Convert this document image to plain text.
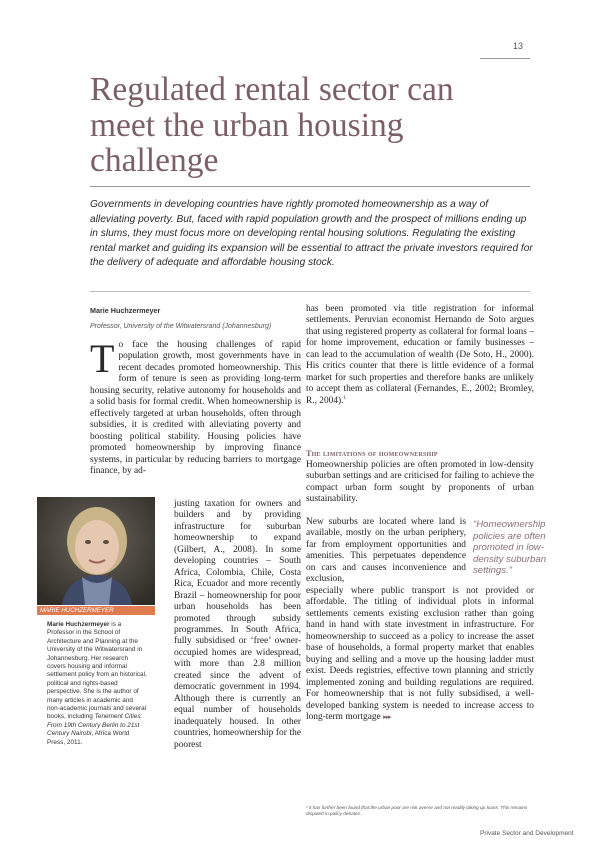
13
Regulated rental sector can meet the urban housing challenge

Governments in developing countries have rightly promoted homeownership as a way of alleviating poverty. But, faced with rapid population growth and the prospect of millions ending up in slums, they must focus more on developing rental housing solutions. Regulating the existing rental market and guiding its expansion will be essential to attract the private investors required for the delivery of adequate and affordable housing stock.

Marie Huchzermeyer
Professor, University of the Witwatersrand (Johannesburg)

To face the housing challenges of rapid population growth, most governments have in recent decades promoted homeownership. This form of tenure is seen as providing long-term housing security, relative autonomy for households and a solid basis for formal credit. When homeownership is effectively targeted at urban households, often through subsidies, it is credited with alleviating poverty and boosting political stability. Housing policies have promoted homeownership by improving finance systems, in particular by reducing barriers to mortgage finance, by ad-

MARIE HUCHZERMEYER

Marie Huchzermeyer is a Professor in the School of Architecture and Planning at the University of the Witwatersrand in Johannesburg. Her research covers housing and informal settlement policy from an historical, political and rights-based perspective. She is the author of many articles in academic and non-academic journals and several books, including Tenement Cities: From 19th Century Berlin to 21st Century Nairobi, Africa World Press, 2011.

justing taxation for owners and builders and by providing infrastructure for suburban homeownership to expand (Gilbert, A., 2008). In some developing countries – South Africa, Colombia, Chile, Costa Rica, Ecuador and more recently Brazil – homeownership for poor urban households has been promoted through subsidy programmes. In South Africa, fully subsidised or ‘free’ owner-occupied homes are widespread, with more than 2.8 million created since the advent of democratic government in 1994. Although there is currently an equal number of households inadequately housed. In other countries, homeownership for the poorest

has been promoted via title registration for informal settlements. Peruvian economist Hernando de Soto argues that using registered property as collateral for formal loans – for home improvement, education or family businesses – can lead to the accumulation of wealth (De Soto, H., 2000). His critics counter that there is little evidence of a formal market for such properties and therefore banks are unlikely to accept them as collateral (Fernandes, E., 2002; Bromley, R., 2004).$^1$

The limitations of homeownership

Homeownership policies are often promoted in low-density suburban settings and are criticised for failing to achieve the compact urban form sought by proponents of urban sustainability.

New suburbs are located where land is available, mostly on the urban periphery, far from employment opportunities and amenities. This perpetuates dependence on cars and causes inconvenience and exclusion,

“Homeownership policies are often promoted in low-density suburban settings.”

especially where public transport is not provided or affordable. The titling of individual plots in informal settlements cements existing exclusion rather than going hand in hand with state investment in infrastructure. For homeownership to succeed as a policy to increase the asset base of households, a formal property market that enables buying and selling and a move up the housing ladder must exist. Deeds registries, effective town planning and strictly implemented zoning and building regulations are required. For homeownership that is not fully subsidised, a well-developed banking system is needed to increase access to long-term mortgage ▸▸▸

¹ It has further been found that the urban poor are risk averse and not readily taking up loans. This remains disputed in policy debates.

Private Sector and Development
